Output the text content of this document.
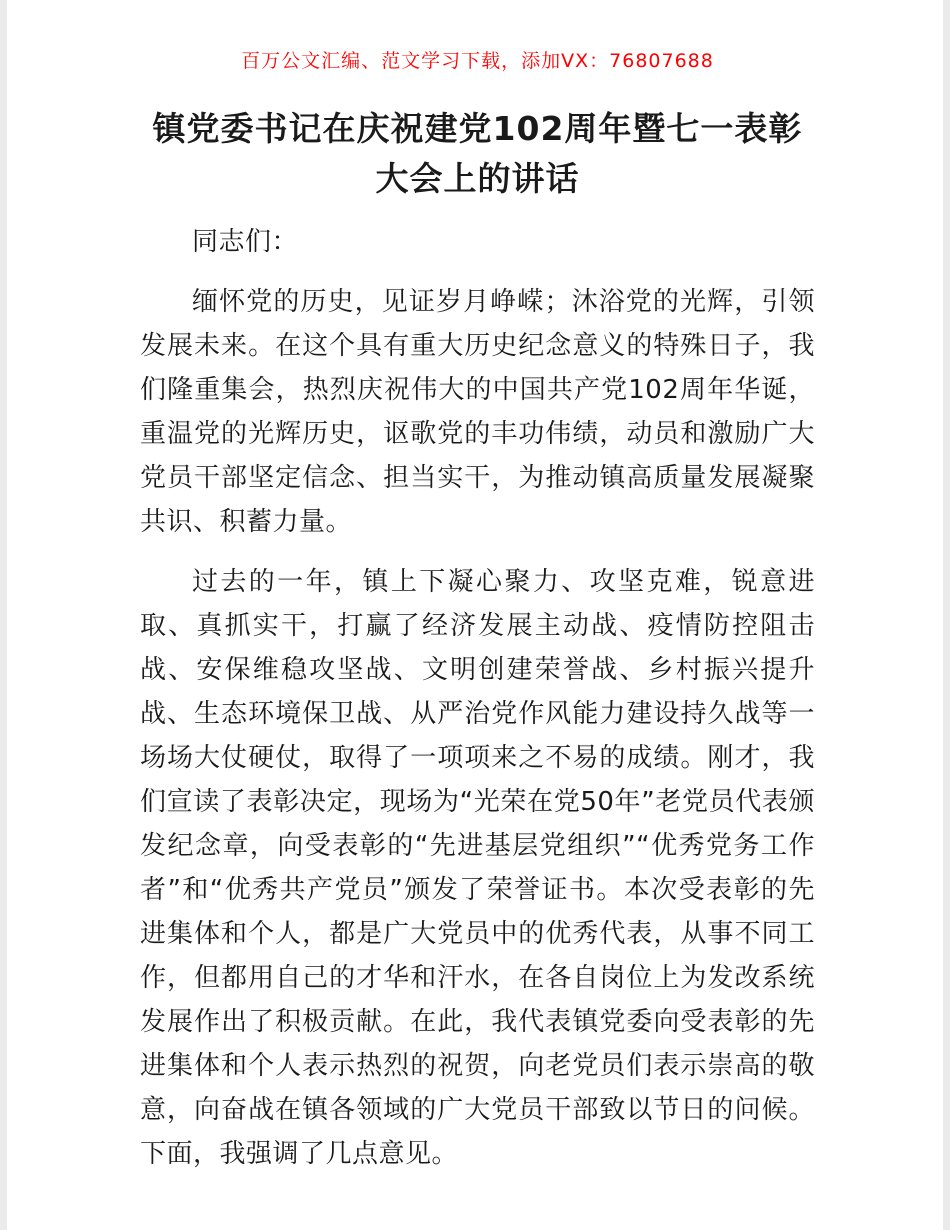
百万公文汇编、范文学习下载，添加VX：76807688
镇党委书记在庆祝建党102周年暨七一表彰大会上的讲话

同志们：

缅怀党的历史，见证岁月峥嵘；沐浴党的光辉，引领发展未来。在这个具有重大历史纪念意义的特殊日子，我们隆重集会，热烈庆祝伟大的中国共产党102周年华诞，重温党的光辉历史，讴歌党的丰功伟绩，动员和激励广大党员干部坚定信念、担当实干，为推动镇高质量发展凝聚共识、积蓄力量。

过去的一年，镇上下凝心聚力、攻坚克难，锐意进取、真抓实干，打赢了经济发展主动战、疫情防控阻击战、安保维稳攻坚战、文明创建荣誉战、乡村振兴提升战、生态环境保卫战、从严治党作风能力建设持久战等一场场大仗硬仗，取得了一项项来之不易的成绩。刚才，我们宣读了表彰决定，现场为“光荣在党50年”老党员代表颁发纪念章，向受表彰的“先进基层党组织”“优秀党务工作者”和“优秀共产党员”颁发了荣誉证书。本次受表彰的先进集体和个人，都是广大党员中的优秀代表，从事不同工作，但都用自己的才华和汗水，在各自岗位上为发改系统发展作出了积极贡献。在此，我代表镇党委向受表彰的先进集体和个人表示热烈的祝贺，向老党员们表示崇高的敬意，向奋战在镇各领域的广大党员干部致以节日的问候。下面，我强调了几点意见。
